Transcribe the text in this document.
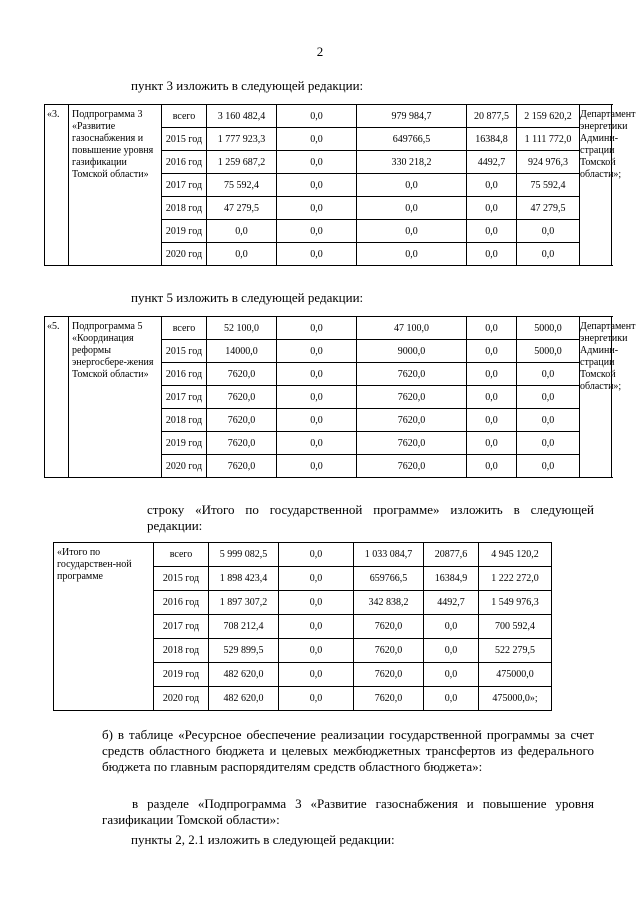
2
пункт 3 изложить в следующей редакции:
«3.	Подпрограмма 3 «Развитие газоснабжения и повышение уровня газификации Томской области»	всего	3 160 482,4	0,0	979 984,7	20 877,5	2 159 620,2	Департамент энергетики Админи-страции Томской области»;
		2015 год	1 777 923,3	0,0	649766,5	16384,8	1 111 772,0	
		2016 год	1 259 687,2	0,0	330 218,2	4492,7	924 976,3	
		2017 год	75 592,4	0,0	0,0	0,0	75 592,4	
		2018 год	47 279,5	0,0	0,0	0,0	47 279,5	
		2019 год	0,0	0,0	0,0	0,0	0,0	
		2020 год	0,0	0,0	0,0	0,0	0,0	
пункт 5 изложить в следующей редакции:
«5.	Подпрограмма 5 «Координация реформы энергосбере-жения Томской области»	всего	52 100,0	0,0	47 100,0	0,0	5000,0	Департамент энергетики Админи-страции Томской области»;
		2015 год	14000,0	0,0	9000,0	0,0	5000,0	
		2016 год	7620,0	0,0	7620,0	0,0	0,0	
		2017 год	7620,0	0,0	7620,0	0,0	0,0	
		2018 год	7620,0	0,0	7620,0	0,0	0,0	
		2019 год	7620,0	0,0	7620,0	0,0	0,0	
		2020 год	7620,0	0,0	7620,0	0,0	0,0	
строку «Итого по государственной программе» изложить в следующей редакции:
«Итого по государствен-ной программе	всего	5 999 082,5	0,0	1 033 084,7	20877,6	4 945 120,2	
	2015 год	1 898 423,4	0,0	659766,5	16384,9	1 222 272,0	
	2016 год	1 897 307,2	0,0	342 838,2	4492,7	1 549 976,3	
	2017 год	708 212,4	0,0	7620,0	0,0	700 592,4	
	2018 год	529 899,5	0,0	7620,0	0,0	522 279,5	
	2019 год	482 620,0	0,0	7620,0	0,0	475000,0	
	2020 год	482 620,0	0,0	7620,0	0,0	475000,0»;	
б) в таблице «Ресурсное обеспечение реализации государственной программы за счет средств областного бюджета и целевых межбюджетных трансфертов из федерального бюджета по главным распорядителям средств областного бюджета»:
в разделе «Подпрограмма 3 «Развитие газоснабжения и повышение уровня газификации Томской области»:
пункты 2, 2.1 изложить в следующей редакции:
